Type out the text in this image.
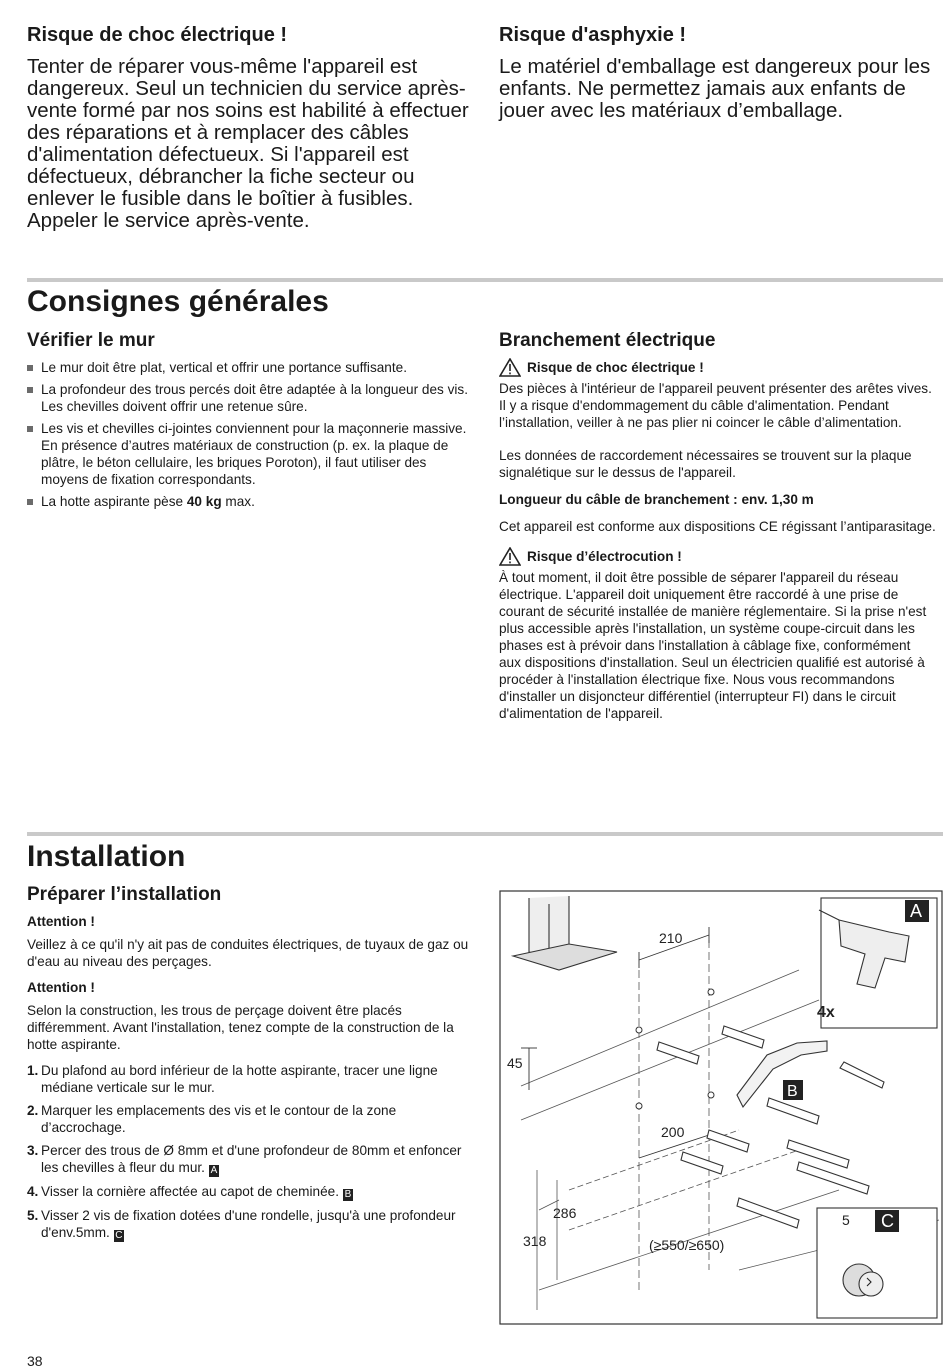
Risque de choc électrique !

Tenter de réparer vous-même l'appareil est dangereux. Seul un technicien du service après-vente formé par nos soins est habilité à effectuer des réparations et à remplacer des câbles d'alimentation défectueux. Si l'appareil est défectueux, débrancher la fiche secteur ou enlever le fusible dans le boîtier à fusibles. Appeler le service après-vente.

Risque d'asphyxie !

Le matériel d'emballage est dangereux pour les enfants. Ne permettez jamais aux enfants de jouer avec les matériaux d’emballage.

Consignes générales
Vérifier le mur
Le mur doit être plat, vertical et offrir une portance suffisante.
La profondeur des trous percés doit être adaptée à la longueur des vis. Les chevilles doivent offrir une retenue sûre.
Les vis et chevilles ci-jointes conviennent pour la maçonnerie massive. En présence d’autres matériaux de construction (p. ex. la plaque de plâtre, le béton cellulaire, les briques Poroton), il faut utiliser des moyens de fixation correspondants.
La hotte aspirante pèse 40 kg max.
Branchement électrique
Risque de choc électrique !

Des pièces à l'intérieur de l'appareil peuvent présenter des arêtes vives. Il y a risque d'endommagement du câble d'alimentation. Pendant l’installation, veiller à ne pas plier ni coincer le câble d’alimentation.

Les données de raccordement nécessaires se trouvent sur la plaque signalétique sur le dessus de l'appareil.

Longueur du câble de branchement : env. 1,30 m

Cet appareil est conforme aux dispositions CE régissant l’antiparasitage.

Risque d’électrocution !

À tout moment, il doit être possible de séparer l'appareil du réseau électrique. L'appareil doit uniquement être raccordé à une prise de courant de sécurité installée de manière réglementaire. Si la prise n'est plus accessible après l'installation, un système coupe-circuit dans les phases est à prévoir dans l'installation à câblage fixe, conformément aux dispositions d'installation. Seul un électricien qualifié est autorisé à procéder à l'installation électrique fixe. Nous vous recommandons d'installer un disjoncteur différentiel (interrupteur FI) dans le circuit d'alimentation de l'appareil.

Installation
Préparer l’installation

Attention !

Veillez à ce qu'il n'y ait pas de conduites électriques, de tuyaux de gaz ou d'eau au niveau des perçages.

Attention !

Selon la construction, les trous de perçage doivent être placés différemment. Avant l'installation, tenez compte de la construction de la hotte aspirante.

1. Du plafond au bord inférieur de la hotte aspirante, tracer une ligne médiane verticale sur le mur.
2. Marquer les emplacements des vis et le contour de la zone d’accrochage.
3. Percer des trous de Ø 8mm et d'une profondeur de 80mm et enfoncer les chevilles à fleur du mur. A
4. Visser la cornière affectée au capot de cheminée. B
5. Visser 2 vis de fixation dotées d'une rondelle, jusqu'à une profondeur d'env.5mm. C
210
45
200
286
318	(≥550/≥650)
A
4x
B
C
5
38
